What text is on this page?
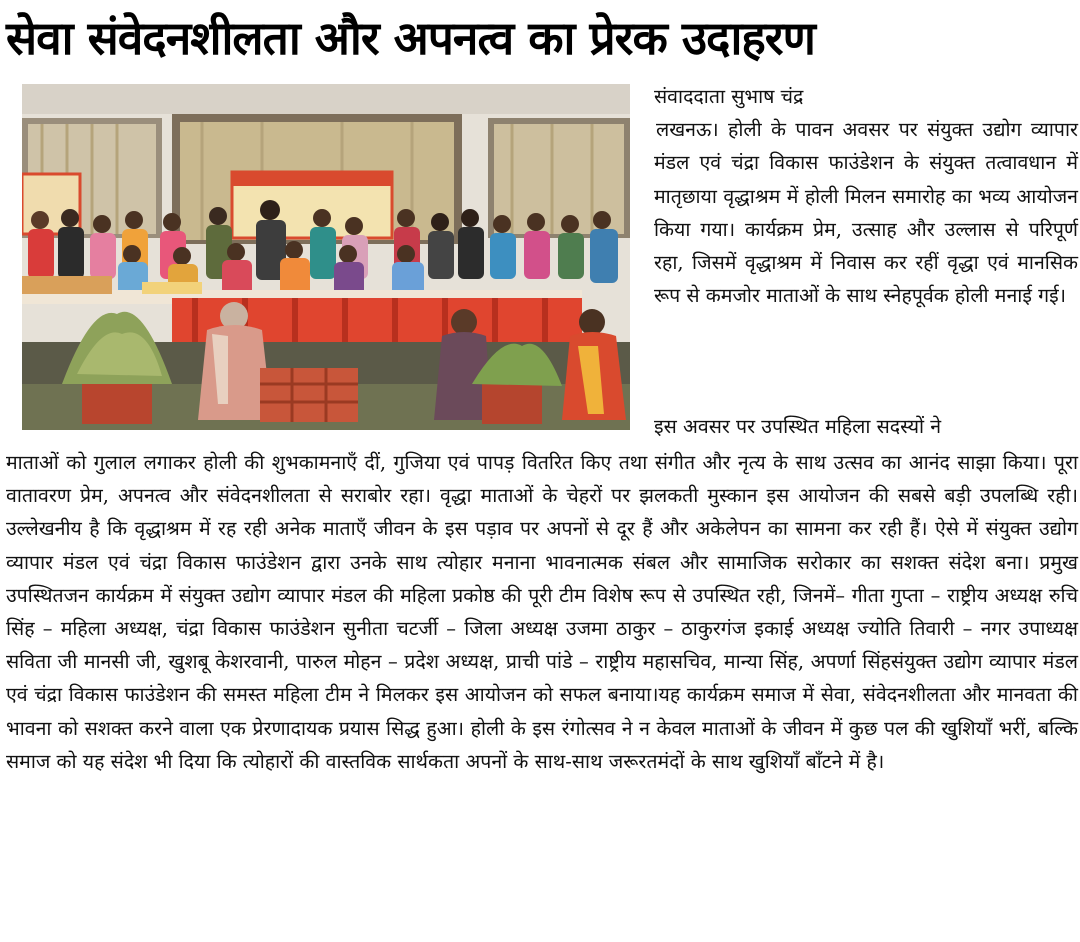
सेवा संवेदनशीलता और अपनत्व का प्रेरक उदाहरण

संवाददाता सुभाष चंद्र

लखनऊ। होली के पावन अवसर पर संयुक्त उद्योग व्यापार मंडल एवं चंद्रा विकास फाउंडेशन के संयुक्त तत्वावधान में मातृछाया वृद्धाश्रम में होली मिलन समारोह का भव्य आयोजन किया गया। कार्यक्रम प्रेम, उत्साह और उल्लास से परिपूर्ण रहा, जिसमें वृद्धाश्रम में निवास कर रहीं वृद्धा एवं मानसिक रूप से कमजोर माताओं के साथ स्नेहपूर्वक होली मनाई गई।

इस अवसर पर उपस्थित महिला सदस्यों ने

माताओं को गुलाल लगाकर होली की शुभकामनाएँ दीं, गुजिया एवं पापड़ वितरित किए तथा संगीत और नृत्य के साथ उत्सव का आनंद साझा किया। पूरा वातावरण प्रेम, अपनत्व और संवेदनशीलता से सराबोर रहा। वृद्धा माताओं के चेहरों पर झलकती मुस्कान इस आयोजन की सबसे बड़ी उपलब्धि रही। उल्लेखनीय है कि वृद्धाश्रम में रह रही अनेक माताएँ जीवन के इस पड़ाव पर अपनों से दूर हैं और अकेलेपन का सामना कर रही हैं। ऐसे में संयुक्त उद्योग व्यापार मंडल एवं चंद्रा विकास फाउंडेशन द्वारा उनके साथ त्योहार मनाना भावनात्मक संबल और सामाजिक सरोकार का सशक्त संदेश बना। प्रमुख उपस्थितजन कार्यक्रम में संयुक्त उद्योग व्यापार मंडल की महिला प्रकोष्ठ की पूरी टीम विशेष रूप से उपस्थित रही, जिनमें– गीता गुप्ता – राष्ट्रीय अध्यक्ष रुचि सिंह – महिला अध्यक्ष, चंद्रा विकास फाउंडेशन सुनीता चटर्जी – जिला अध्यक्ष उजमा ठाकुर – ठाकुरगंज इकाई अध्यक्ष ज्योति तिवारी – नगर उपाध्यक्ष सविता जी मानसी जी, खुशबू केशरवानी, पारुल मोहन – प्रदेश अध्यक्ष, प्राची पांडे – राष्ट्रीय महासचिव, मान्या सिंह, अपर्णा सिंहसंयुक्त उद्योग व्यापार मंडल एवं चंद्रा विकास फाउंडेशन की समस्त महिला टीम ने मिलकर इस आयोजन को सफल बनाया।यह कार्यक्रम समाज में सेवा, संवेदनशीलता और मानवता की भावना को सशक्त करने वाला एक प्रेरणादायक प्रयास सिद्ध हुआ। होली के इस रंगोत्सव ने न केवल माताओं के जीवन में कुछ पल की खुशियाँ भरीं, बल्कि समाज को यह संदेश भी दिया कि त्योहारों की वास्तविक सार्थकता अपनों के साथ-साथ जरूरतमंदों के साथ खुशियाँ बाँटने में है।
